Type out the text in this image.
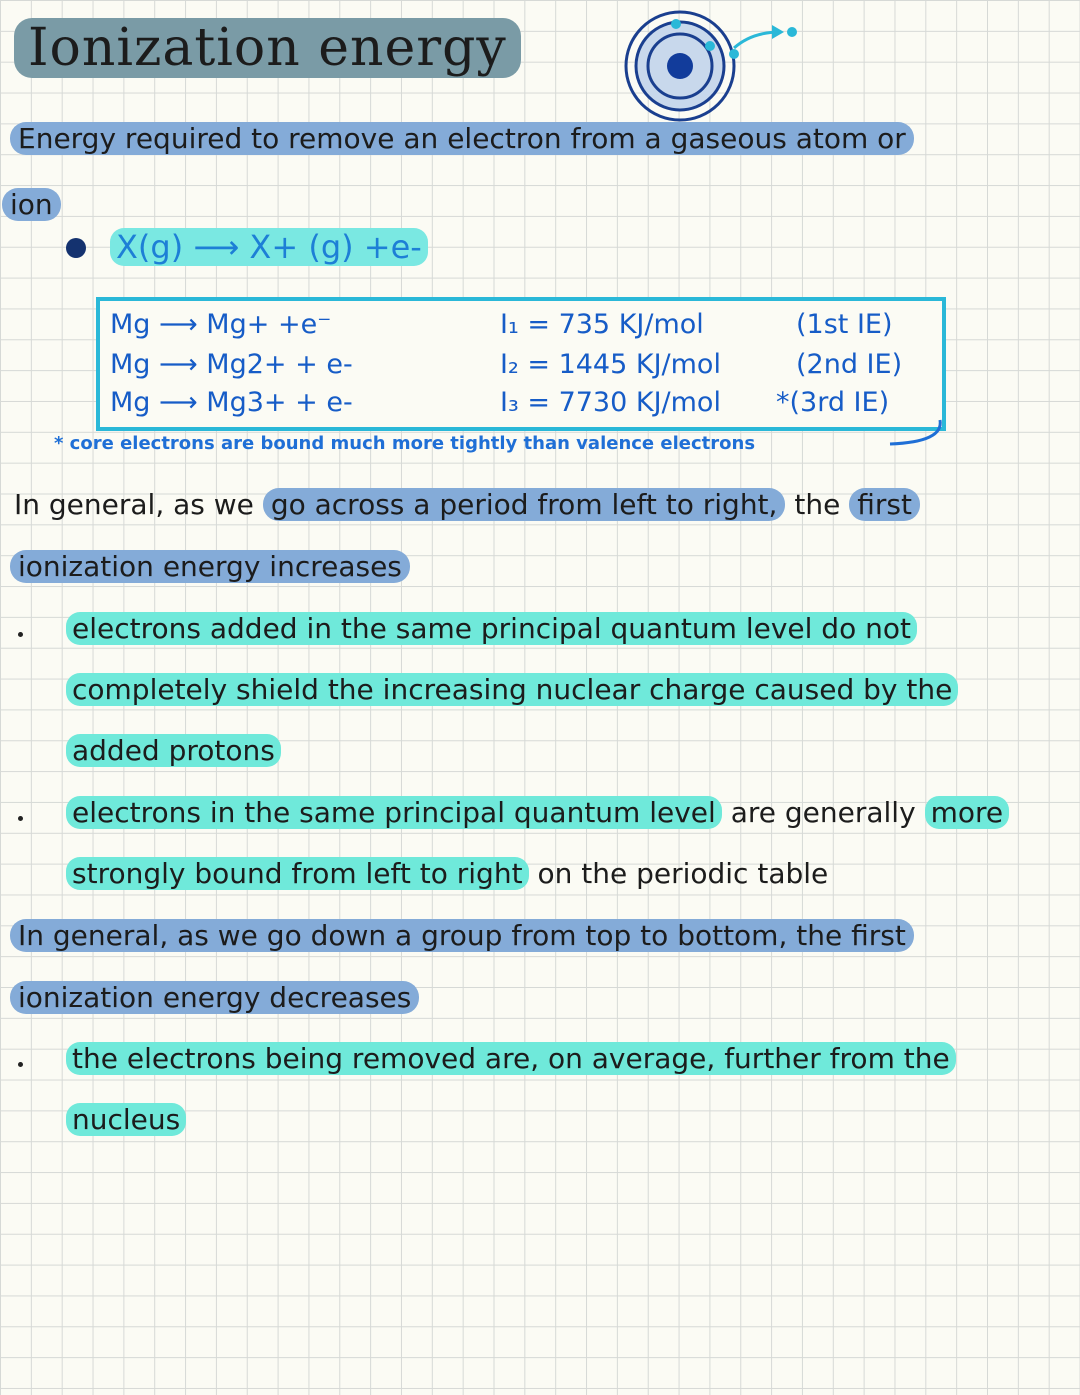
Ionization energy
Energy required to remove an electron from a gaseous atom or
ion
X(g) ⟶ X+ (g) +e-
Mg ⟶ Mg+ +e⁻	I₁ = 735 KJ/mol	(1st IE)
Mg ⟶ Mg2+ + e-	I₂ = 1445 KJ/mol	(2nd IE)
Mg ⟶ Mg3+ + e-	I₃ = 7730 KJ/mol *(3rd IE)
* core electrons are bound much more tightly than valence electrons
In general, as we go across a period from left to right, the first
ionization energy increases
electrons added in the same principal quantum level do not
completely shield the increasing nuclear charge caused by the
added protons
electrons in the same principal quantum level are generally more
strongly bound from left to right on the periodic table
In general, as we go down a group from top to bottom, the first
ionization energy decreases
the electrons being removed are, on average, further from the
nucleus
